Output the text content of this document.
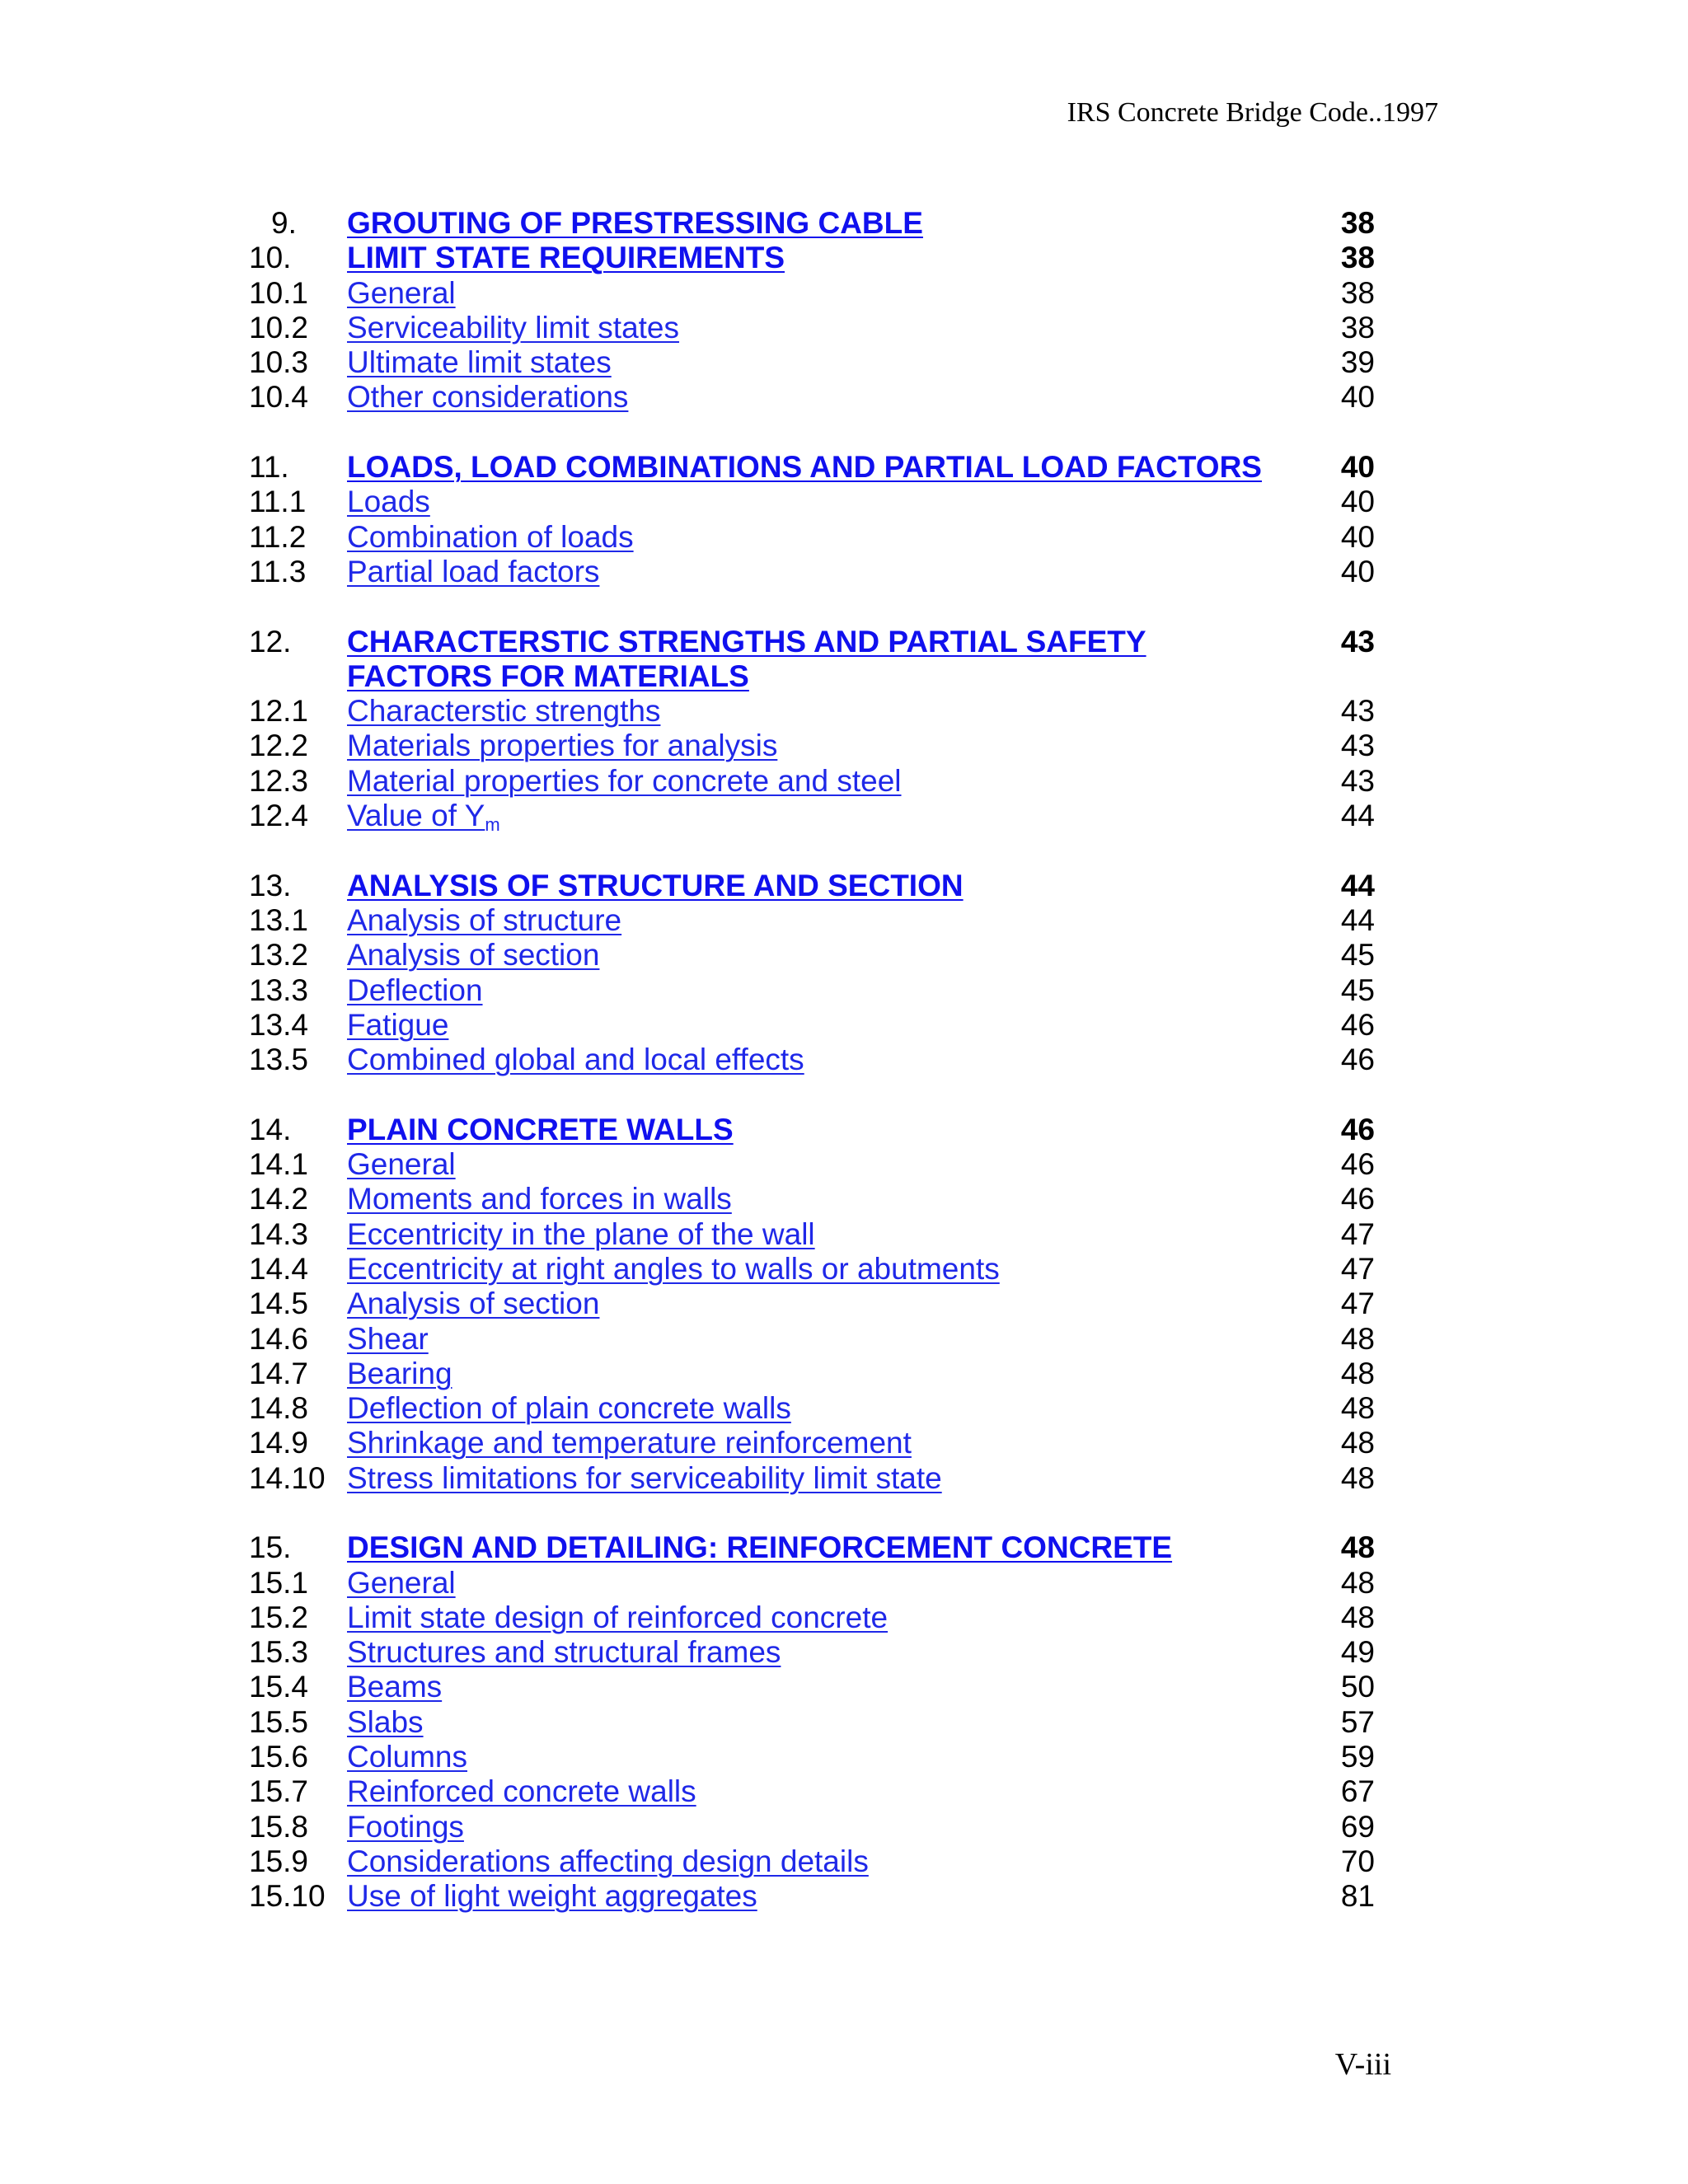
IRS Concrete Bridge Code..1997
9. GROUTING OF PRESTRESSING CABLE	38
10. LIMIT STATE REQUIREMENTS	38
10.1 General	38
10.2 Serviceability limit states	38
10.3 Ultimate limit states	39
10.4 Other considerations	40
11. LOADS, LOAD COMBINATIONS AND PARTIAL LOAD FACTORS	40
11.1 Loads	40
11.2 Combination of loads	40
11.3 Partial load factors	40
12. CHARACTERSTIC STRENGTHS AND PARTIAL SAFETY	43
FACTORS FOR MATERIALS
12.1 Characterstic strengths	43
12.2 Materials properties for analysis	43
12.3 Material properties for concrete and steel	43
12.4 Value of $Y_m$	44
13. ANALYSIS OF STRUCTURE AND SECTION	44
13.1 Analysis of structure	44
13.2 Analysis of section	45
13.3 Deflection	45
13.4 Fatigue	46
13.5 Combined global and local effects	46
14. PLAIN CONCRETE WALLS	46
14.1 General	46
14.2 Moments and forces in walls	46
14.3 Eccentricity in the plane of the wall	47
14.4 Eccentricity at right angles to walls or abutments	47
14.5 Analysis of section	47
14.6 Shear	48
14.7 Bearing	48
14.8 Deflection of plain concrete walls	48
14.9 Shrinkage and temperature reinforcement	48
14.10 Stress limitations for serviceability limit state	48
15. DESIGN AND DETAILING: REINFORCEMENT CONCRETE	48
15.1 General	48
15.2 Limit state design of reinforced concrete	48
15.3 Structures and structural frames	49
15.4 Beams	50
15.5 Slabs	57
15.6 Columns	59
15.7 Reinforced concrete walls	67
15.8 Footings	69
15.9 Considerations affecting design details	70
15.10 Use of light weight aggregates	81
V-iii
